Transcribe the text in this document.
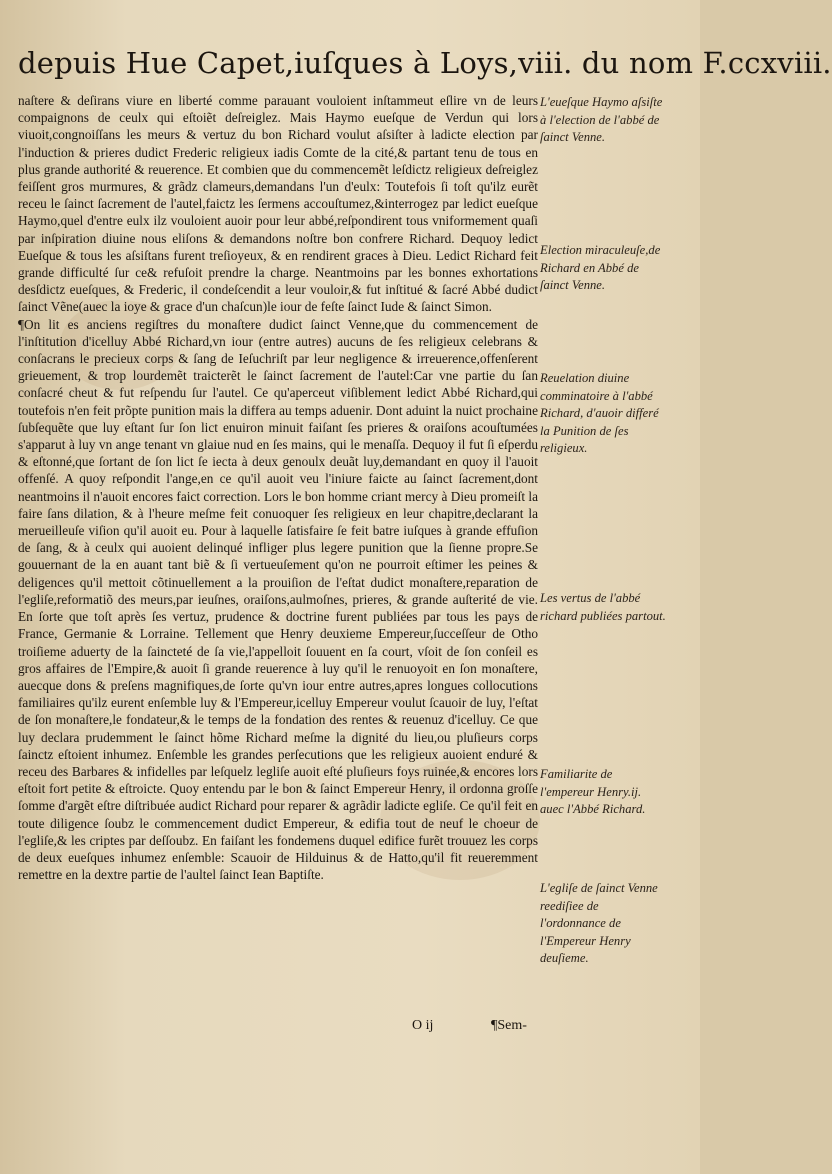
depuis Hue Capet,iuſques à Loys,viii. du nom F.ccxviii.

naſtere & deſirans viure en liberté comme parauant vouloient inſtammeut eſlire vn de leurs compaignons de ceulx qui eſtoiẽt deſreiglez. Mais Haymo eueſque de Verdun qui lors viuoit,congnoiſſans les meurs & vertuz du bon Richard voulut aſsiſter à ladicte election par l'induction & prieres dudict Frederic religieux iadis Comte de la cité,& partant tenu de tous en plus grande authorité & reuerence. Et combien que du commencemẽt leſdictz religieux deſreiglez feiſſent gros murmures, & grãdz clameurs,demandans l'un d'eulx: Toutefois ſi toſt qu'ilz eurẽt receu le ſainct ſacrement de l'autel,faictz les ſermens accouſtumez,&interrogez par ledict eueſque Haymo,quel d'entre eulx ilz vouloient auoir pour leur abbé,reſpondirent tous vniformement quaſi par inſpiration diuine nous eliſons & demandons noſtre bon confrere Richard. Dequoy ledict Eueſque & tous les aſsiſtans furent treſioyeux, & en rendirent graces à Dieu. Ledict Richard feit grande difficulté ſur ce& refuſoit prendre la charge. Neantmoins par les bonnes exhortations desſdictz eueſques, & Frederic, il condeſcendit a leur vouloir,& fut inſtitué & ſacré Abbé dudict ſainct Vẽne(auec la ioye & grace d'un chaſcun)le iour de feſte ſainct Iude & ſainct Simon.

¶On lit es anciens regiſtres du monaſtere dudict ſainct Venne,que du commencement de l'inſtitution d'icelluy Abbé Richard,vn iour (entre autres) aucuns de ſes religieux celebrans & conſacrans le precieux corps & ſang de Ieſuchriſt par leur negligence & irreuerence,offenſerent grieuement, & trop lourdemẽt traicterẽt le ſainct ſacrement de l'autel:Car vne partie du ſan conſacré cheut & fut reſpendu ſur l'autel. Ce qu'aperceut viſiblement ledict Abbé Richard,qui toutefois n'en feit prõpte punition mais la differa au temps aduenir. Dont aduint la nuict prochaine ſubſequẽte que luy eſtant ſur ſon lict enuiron minuit faiſant ſes prieres & oraiſons acouſtumées s'apparut à luy vn ange tenant vn glaiue nud en ſes mains, qui le menaſſa. Dequoy il fut ſi eſperdu & eſtonné,que ſortant de ſon lict ſe iecta à deux genoulx deuãt luy,demandant en quoy il l'auoit offenſé. A quoy reſpondit l'ange,en ce qu'il auoit veu l'iniure faicte au ſainct ſacrement,dont neantmoins il n'auoit encores faict correction. Lors le bon homme criant mercy à Dieu promeiſt la faire ſans dilation, & à l'heure meſme feit conuoquer ſes religieux en leur chapitre,declarant la merueilleuſe viſion qu'il auoit eu. Pour à laquelle ſatisfaire ſe feit batre iuſques à grande effuſion de ſang, & à ceulx qui auoient delinqué infliger plus legere punition que la ſienne propre.Se gouuernant de la en auant tant biẽ & ſi vertueuſement qu'on ne pourroit eſtimer les peines & deligences qu'il mettoit cõtinuellement a la prouiſion de l'eſtat dudict monaſtere,reparation de l'egliſe,reformatiõ des meurs,par ieuſnes, oraiſons,aulmoſnes, prieres, & grande auſterité de vie. En ſorte que toſt après ſes vertuz, prudence & doctrine furent publiées par tous les pays de France, Germanie & Lorraine. Tellement que Henry deuxieme Empereur,ſucceſſeur de Otho troiſieme aduerty de la ſaincteté de ſa vie,l'appelloit ſouuent en ſa court, vſoit de ſon conſeil es gros affaires de l'Empire,& auoit ſi grande reuerence à luy qu'il le renuoyoit en ſon monaſtere, auecque dons & preſens magnifiques,de ſorte qu'vn iour entre autres,apres longues collocutions familiaires qu'ilz eurent enſemble luy & l'Empereur,icelluy Empereur voulut ſcauoir de luy, l'eſtat de ſon monaſtere,le fondateur,& le temps de la fondation des rentes & reuenuz d'icelluy. Ce que luy declara prudemment le ſainct hõme Richard meſme la dignité du lieu,ou pluſieurs corps ſainctz eſtoient inhumez. Enſemble les grandes perſecutions que les religieux auoient enduré & receu des Barbares & infidelles par leſquelz legliſe auoit eſté pluſieurs foys ruinée,& encores lors eſtoit fort petite & eſtroicte. Quoy entendu par le bon & ſainct Empereur Henry, il ordonna groſſe ſomme d'argẽt eſtre diſtribuée audict Richard pour reparer & agrãdir ladicte egliſe. Ce qu'il feit en toute diligence ſoubz le commencement dudict Empereur, & edifia tout de neuf le choeur de l'egliſe,& les criptes par deſſoubz. En faiſant les fondemens duquel edifice furẽt trouuez les corps de deux eueſques inhumez enſemble: Scauoir de Hilduinus & de Hatto,qu'il fit reueremment remettre en la dextre partie de l'aultel ſainct Iean Baptiſte.

L'eueſque Haymo aſsiſte à l'election de l'abbé de ſainct Venne.
Election miraculeuſe,de Richard en Abbé de ſainct Venne.
Reuelation diuine comminatoire à l'abbé Richard, d'auoir differé la Punition de ſes religieux.
Les vertus de l'abbé richard publiées partout.
Familiarite de l'empereur Henry.ij. auec l'Abbé Richard.
L'egliſe de ſainct Venne reediſiee de l'ordonnance de l'Empereur Henry deuſieme.
O ij	¶Sem-
